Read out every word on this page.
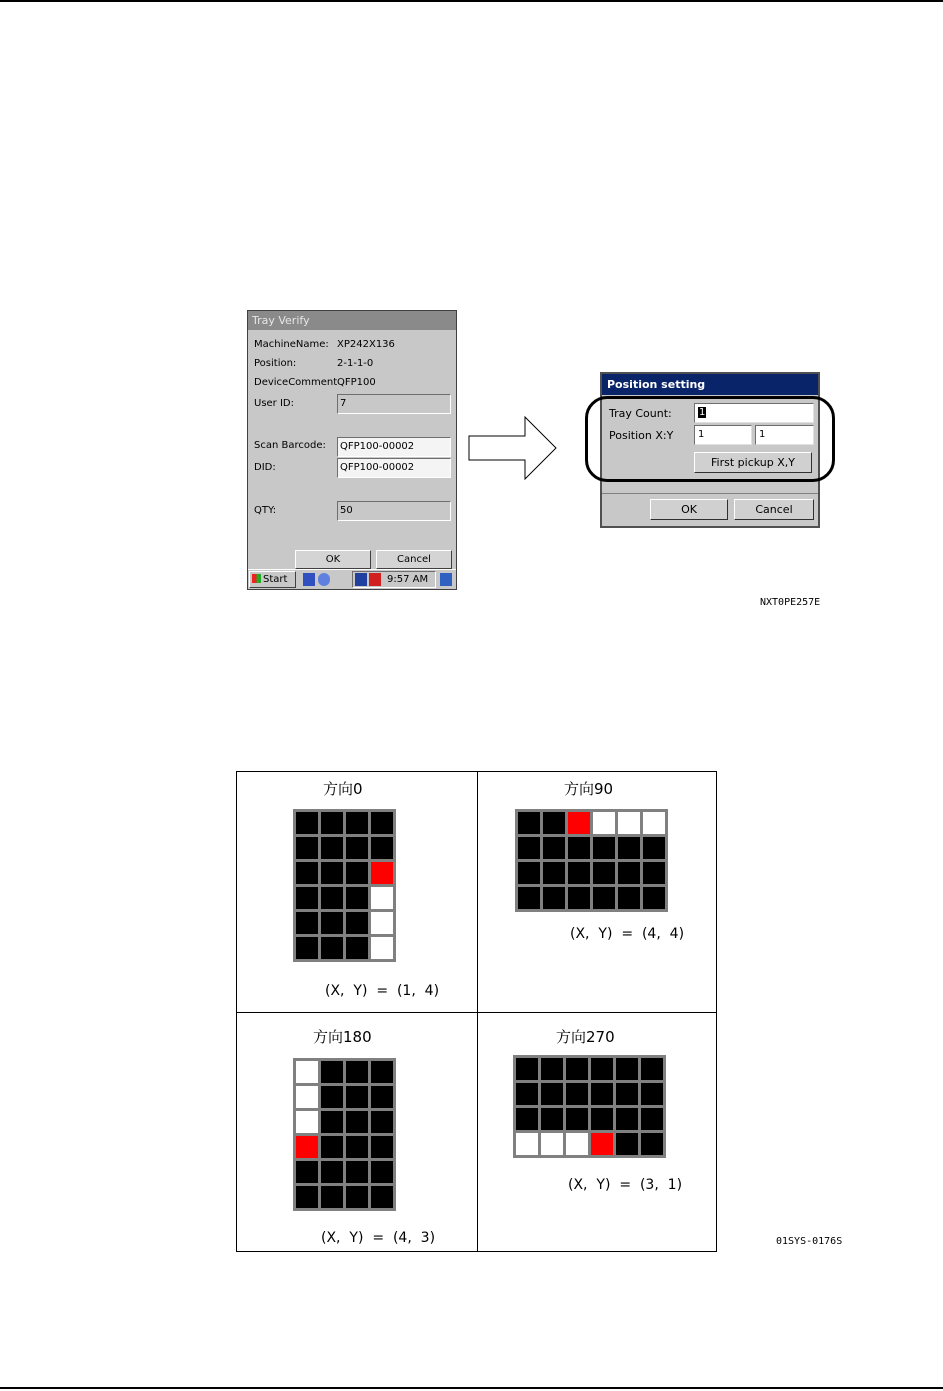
Tray Verify
MachineName: XP242X136
Position:	2-1-1-0
DeviceComment QFP100
User ID:	7
Scan Barcode:	QFP100-00002
DID:	QFP100-00002
QTY:	50
OK	Cancel
Start	9:57 AM
Position setting
Tray Count:	1
Position X:Y	1	1
First pickup X,Y
OK	Cancel
NXT0PE257E
方向0
(X,  Y)  =  (1,  4)
方向90
(X,  Y)  =  (4,  4)
方向180
(X,  Y)  =  (4,  3)
方向270
(X,  Y)  =  (3,  1)
01SYS-0176S
